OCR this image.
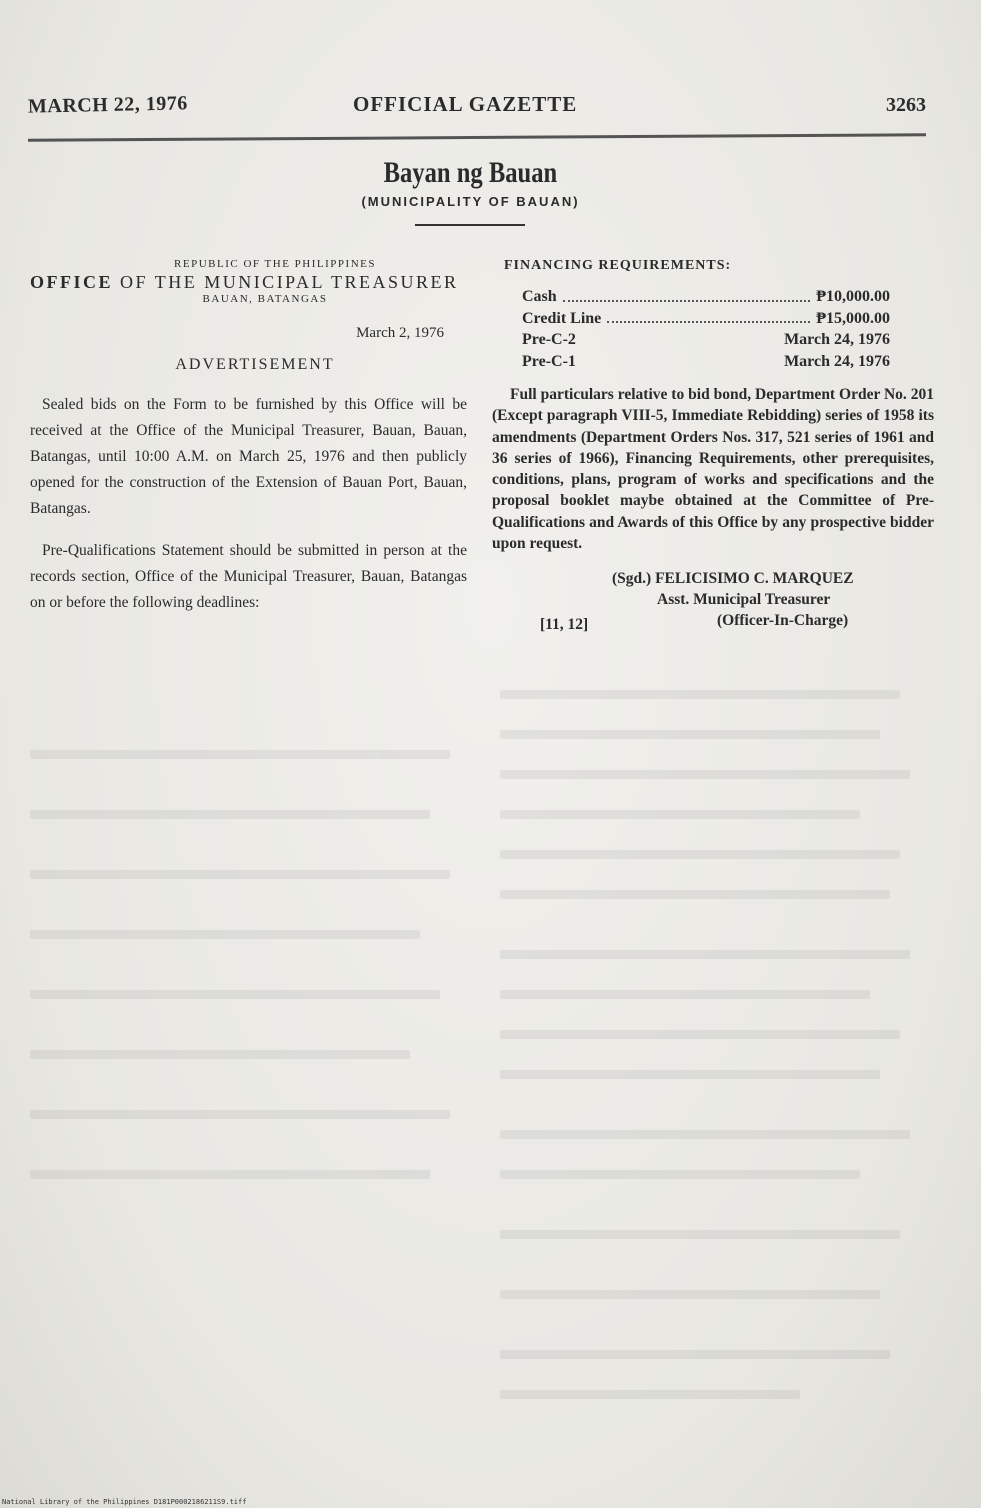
MARCH 22, 1976	OFFICIAL GAZETTE	3263
Bayan ng Bauan
(MUNICIPALITY OF BAUAN)
REPUBLIC OF THE PHILIPPINES
OFFICE OF THE MUNICIPAL TREASURER
BAUAN, BATANGAS
March 2, 1976
ADVERTISEMENT

Sealed bids on the Form to be furnished by this Office will be received at the Office of the Municipal Treasurer, Bauan, Bauan, Batangas, until 10:00 A.M. on March 25, 1976 and then publicly opened for the construction of the Extension of Bauan Port, Bauan, Batangas.

Pre-Qualifications Statement should be submitted in person at the records section, Office of the Municipal Treasurer, Bauan, Batangas on or before the following deadlines:

FINANCING REQUIREMENTS:
Cash	₱10,000.00
Credit Line	₱15,000.00
Pre-C-2	March 24, 1976
Pre-C-1	March 24, 1976

Full particulars relative to bid bond, Department Order No. 201 (Except paragraph VIII-5, Immediate Rebidding) series of 1958 its amendments (Department Orders Nos. 317, 521 series of 1961 and 36 series of 1966), Financing Requirements, other prerequisites, conditions, plans, program of works and specifications and the proposal booklet maybe obtained at the Committee of Pre-Qualifications and Awards of this Office by any prospective bidder upon request.

(Sgd.) FELICISIMO C. MARQUEZ
Asst. Municipal Treasurer
(Officer-In-Charge)
[11, 12]
National Library of the Philippines D181P0002186211S9.tiff
